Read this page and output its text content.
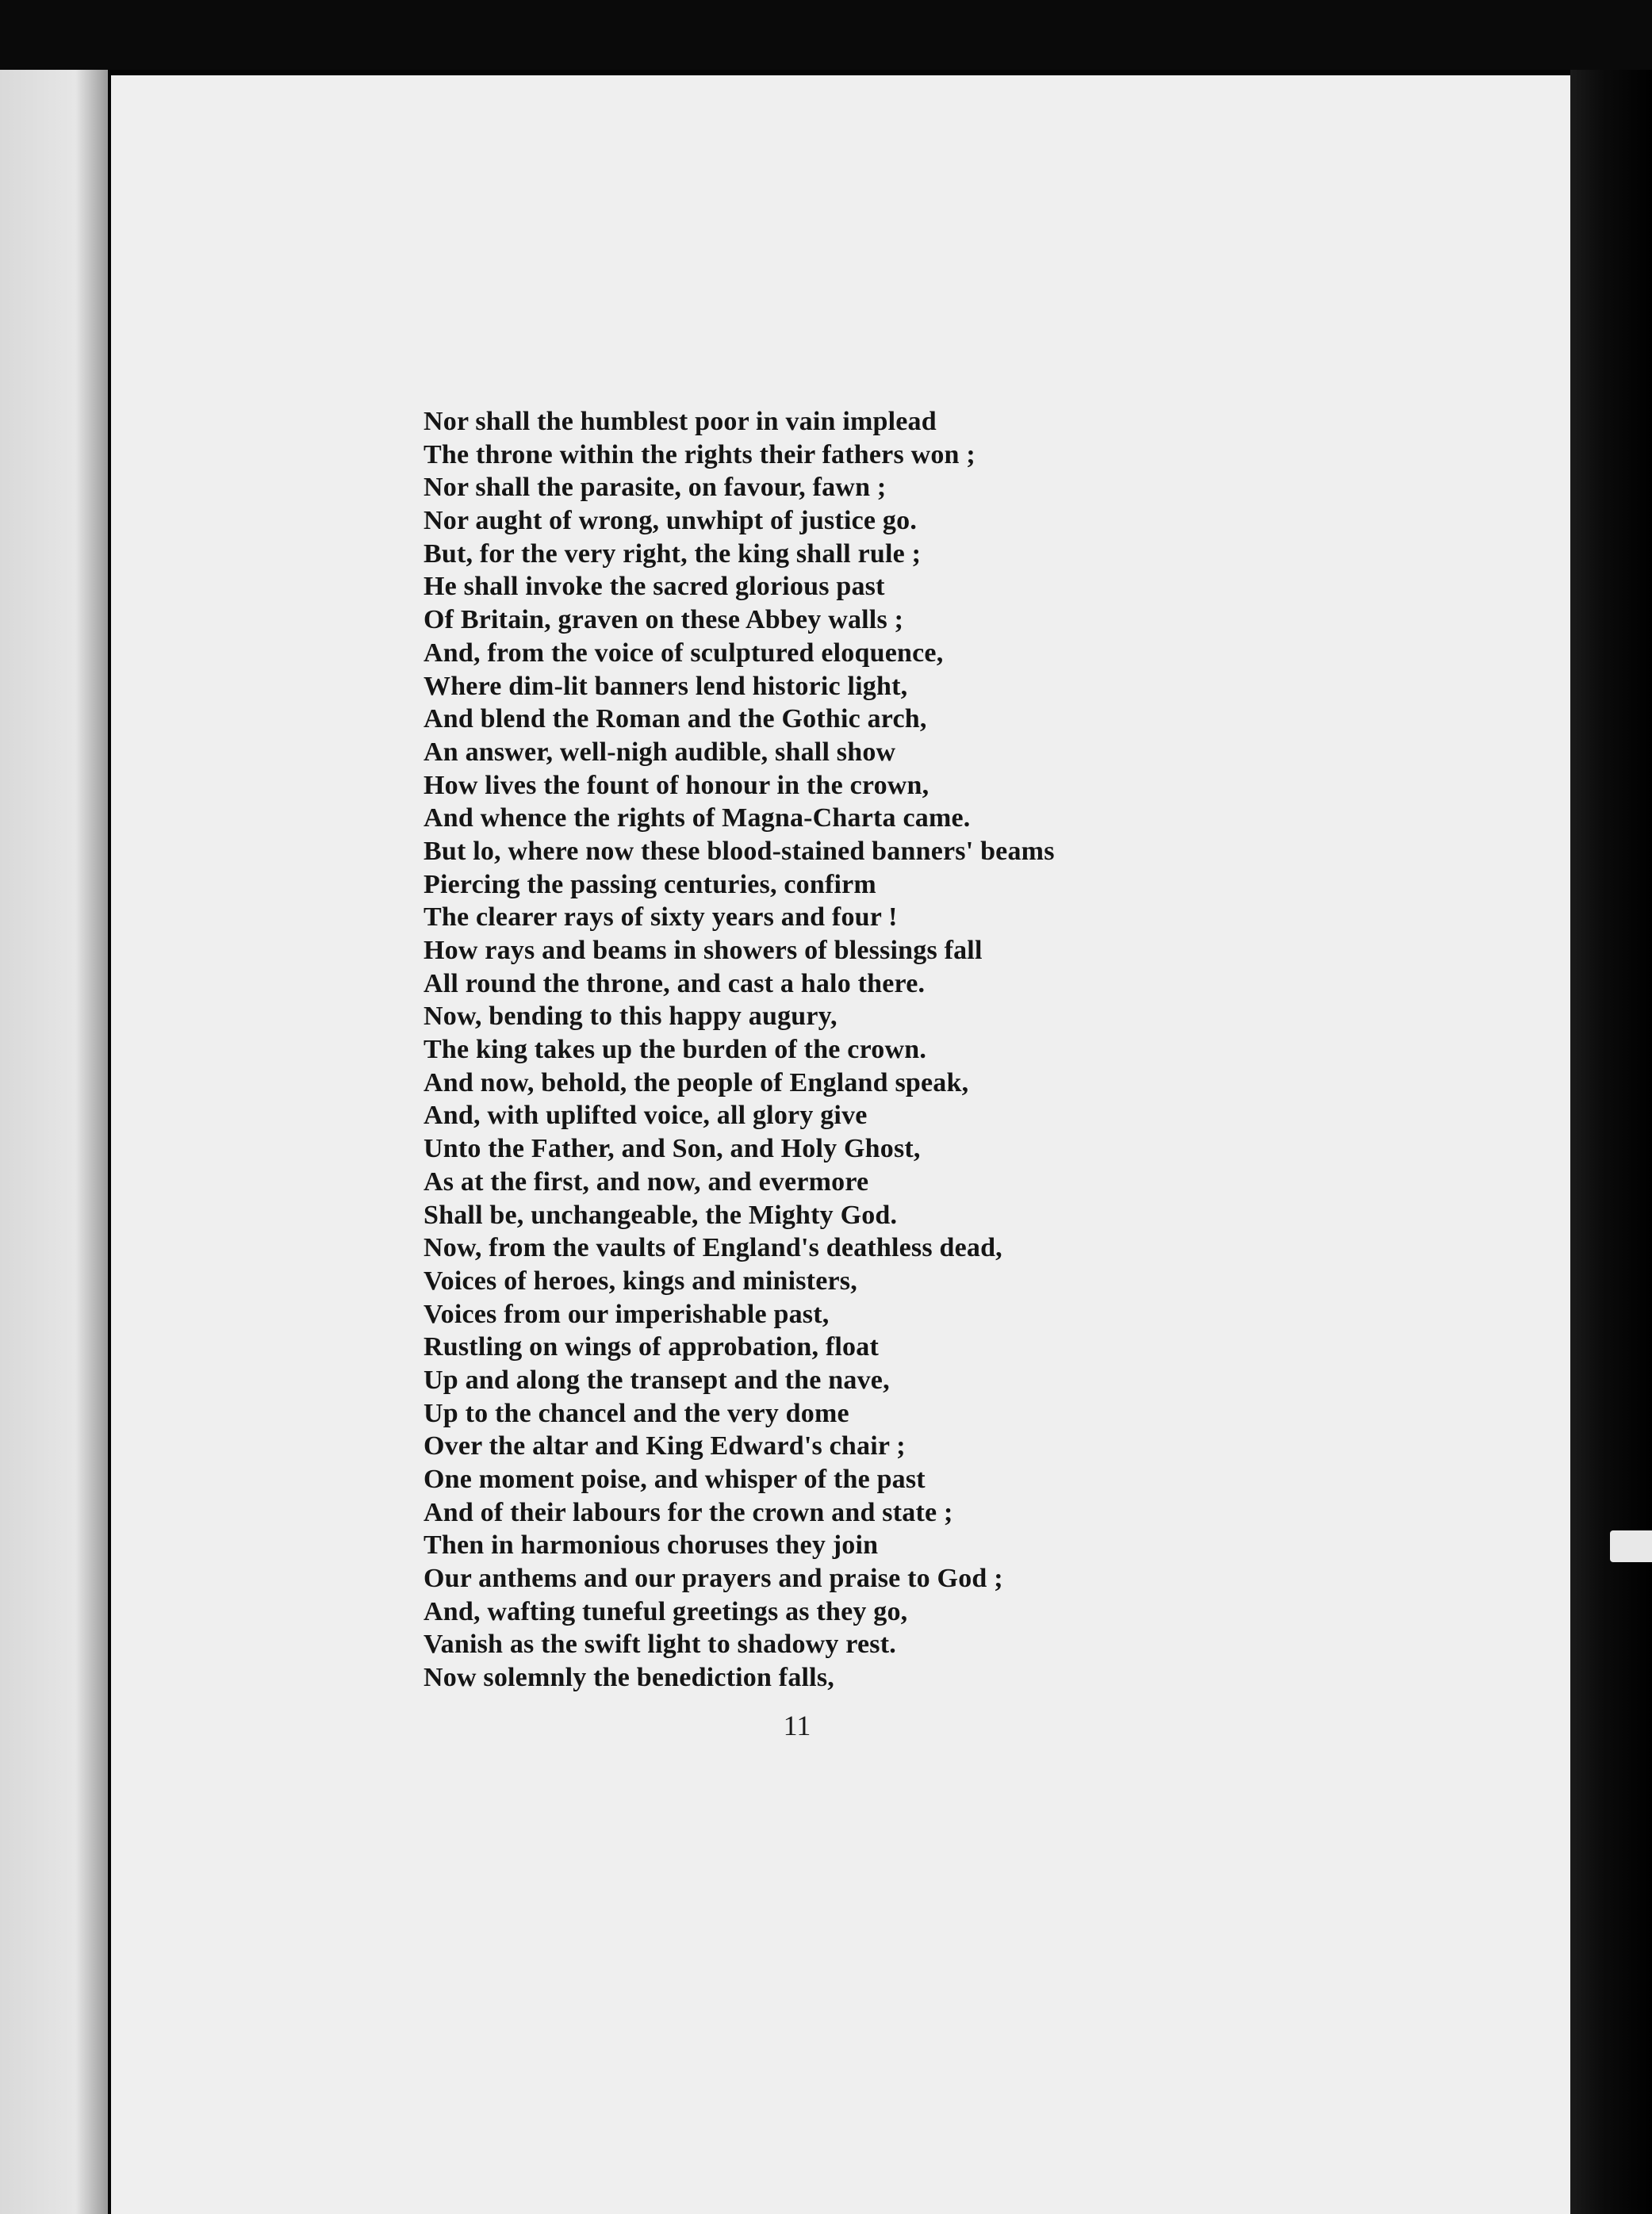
Nor shall the humblest poor in vain implead
The throne within the rights their fathers won ;
Nor shall the parasite, on favour, fawn ;
Nor aught of wrong, unwhipt of justice go.
But, for the very right, the king shall rule ;
He shall invoke the sacred glorious past
Of Britain, graven on these Abbey walls ;
And, from the voice of sculptured eloquence,
Where dim-lit banners lend historic light,
And blend the Roman and the Gothic arch,
An answer, well-nigh audible, shall show
How lives the fount of honour in the crown,
And whence the rights of Magna-Charta came.
But lo, where now these blood-stained banners' beams
Piercing the passing centuries, confirm
The clearer rays of sixty years and four !
How rays and beams in showers of blessings fall
All round the throne, and cast a halo there.
Now, bending to this happy augury,
The king takes up the burden of the crown.
And now, behold, the people of England speak,
And, with uplifted voice, all glory give
Unto the Father, and Son, and Holy Ghost,
As at the first, and now, and evermore
Shall be, unchangeable, the Mighty God.
Now, from the vaults of England's deathless dead,
Voices of heroes, kings and ministers,
Voices from our imperishable past,
Rustling on wings of approbation, float
Up and along the transept and the nave,
Up to the chancel and the very dome
Over the altar and King Edward's chair ;
One moment poise, and whisper of the past
And of their labours for the crown and state ;
Then in harmonious choruses they join
Our anthems and our prayers and praise to God ;
And, wafting tuneful greetings as they go,
Vanish as the swift light to shadowy rest.
Now solemnly the benediction falls,
11
